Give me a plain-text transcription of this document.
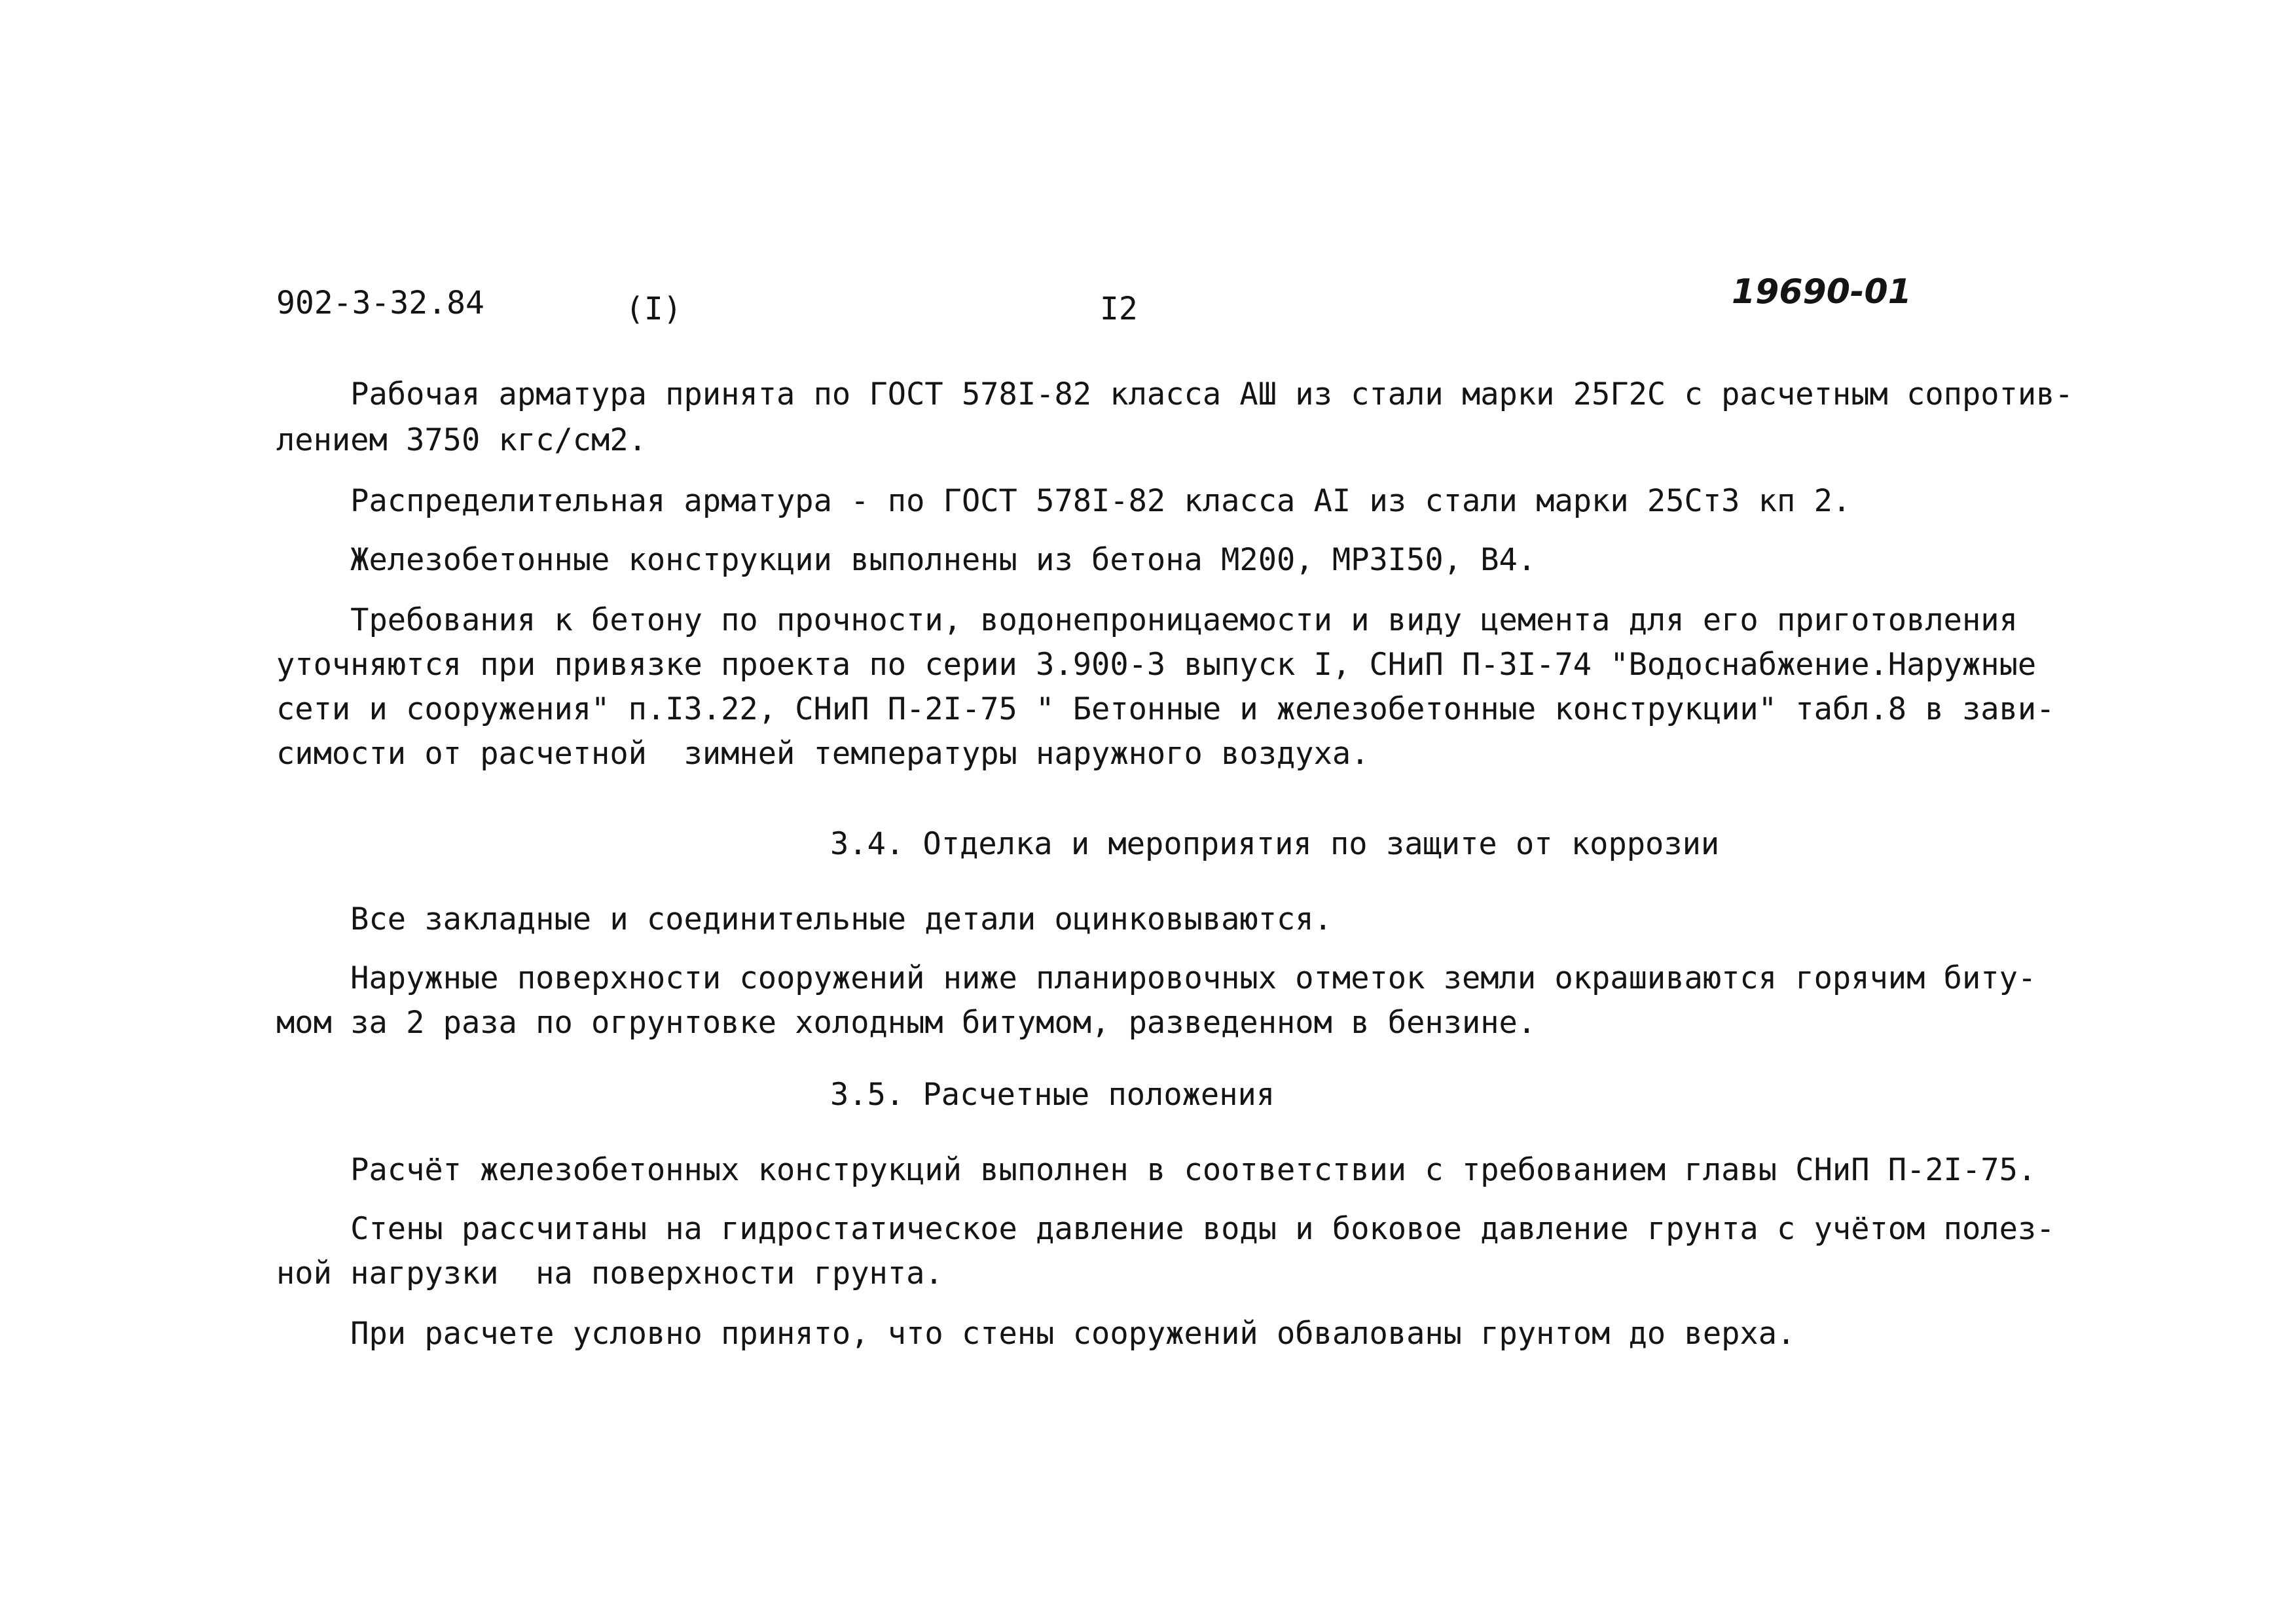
902-3-32.84	(I)	I2	19690-01
Рабочая арматура принята по ГОСТ 578I-82 класса АШ из стали марки 25Г2С с расчетным сопротив-
лением 3750 кгс/см2.
Распределительная арматура - по ГОСТ 578I-82 класса АI из стали марки 25Ст3 кп 2.
Железобетонные конструкции выполнены из бетона М200, МРЗI50, В4.
Требования к бетону по прочности, водонепроницаемости и виду цемента для его приготовления
уточняются при привязке проекта по серии 3.900-3 выпуск I, СНиП П-3I-74 "Водоснабжение.Наружные
сети и сооружения" п.I3.22, СНиП П-2I-75 " Бетонные и железобетонные конструкции" табл.8 в зави-
симости от расчетной  зимней температуры наружного воздуха.
3.4. Отделка и мероприятия по защите от коррозии
Все закладные и соединительные детали оцинковываются.
Наружные поверхности сооружений ниже планировочных отметок земли окрашиваются горячим биту-
мом за 2 раза по огрунтовке холодным битумом, разведенном в бензине.
3.5. Расчетные положения
Расчёт железобетонных конструкций выполнен в соответствии с требованием главы СНиП П-2I-75.
Стены рассчитаны на гидростатическое давление воды и боковое давление грунта с учётом полез-
ной нагрузки  на поверхности грунта.
При расчете условно принято, что стены сооружений обвалованы грунтом до верха.
